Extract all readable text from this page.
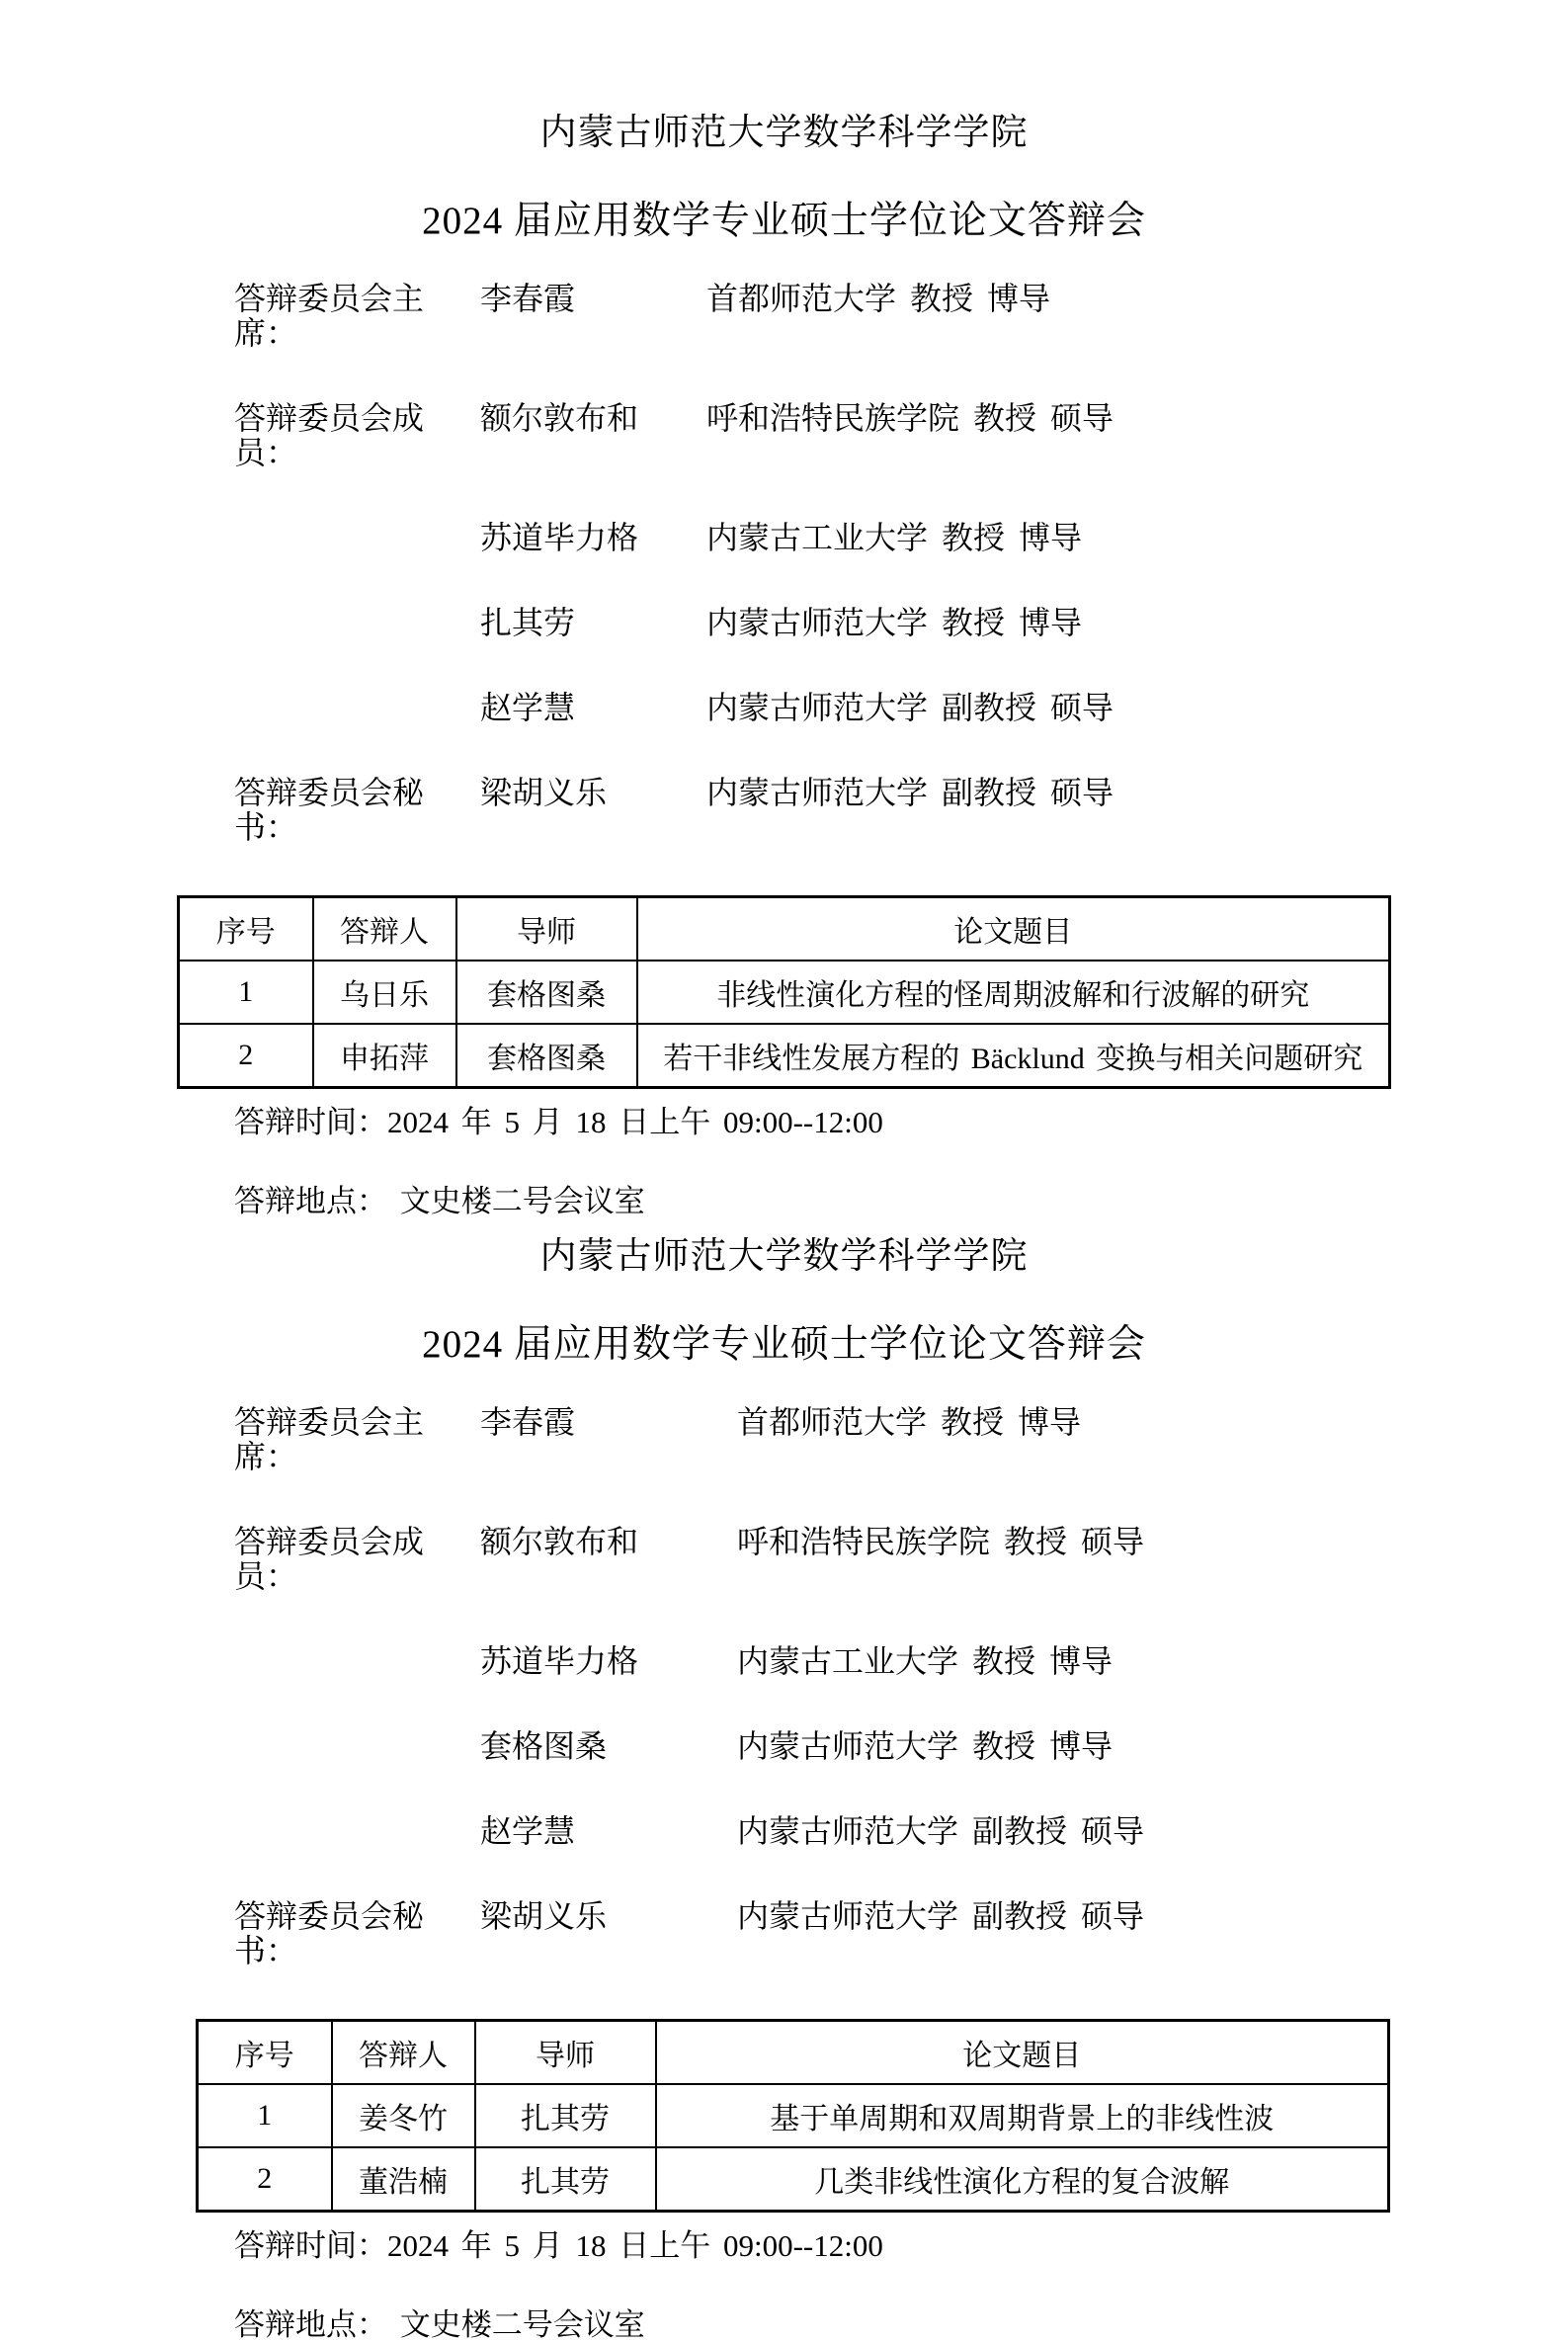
内蒙古师范大学数学科学学院
2024 届应用数学专业硕士学位论文答辩会
答辩委员会主席：
李春霞	首都师范大学 教授 博导
答辩委员会成员：
额尔敦布和	呼和浩特民族学院 教授 硕导
苏道毕力格	内蒙古工业大学 教授 博导
扎其劳	内蒙古师范大学 教授 博导
赵学慧	内蒙古师范大学 副教授 硕导
答辩委员会秘书：
梁胡义乐	内蒙古师范大学 副教授 硕导
序号	答辩人	导师	论文题目
1	乌日乐	套格图桑	非线性演化方程的怪周期波解和行波解的研究
2	申拓萍	套格图桑	若干非线性发展方程的 Bäcklund 变换与相关问题研究
答辩时间：2024 年 5 月 18 日上午 09:00--12:00
答辩地点： 文史楼二号会议室
内蒙古师范大学数学科学学院
2024 届应用数学专业硕士学位论文答辩会
答辩委员会主席：
李春霞	首都师范大学 教授 博导
答辩委员会成员：
额尔敦布和	呼和浩特民族学院 教授 硕导
苏道毕力格	内蒙古工业大学 教授 博导
套格图桑	内蒙古师范大学 教授 博导
赵学慧	内蒙古师范大学 副教授 硕导
答辩委员会秘书：
梁胡义乐	内蒙古师范大学 副教授 硕导
序号	答辩人	导师	论文题目
1	姜冬竹	扎其劳	基于单周期和双周期背景上的非线性波
2	董浩楠	扎其劳	几类非线性演化方程的复合波解
答辩时间：2024 年 5 月 18 日上午 09:00--12:00
答辩地点： 文史楼二号会议室
